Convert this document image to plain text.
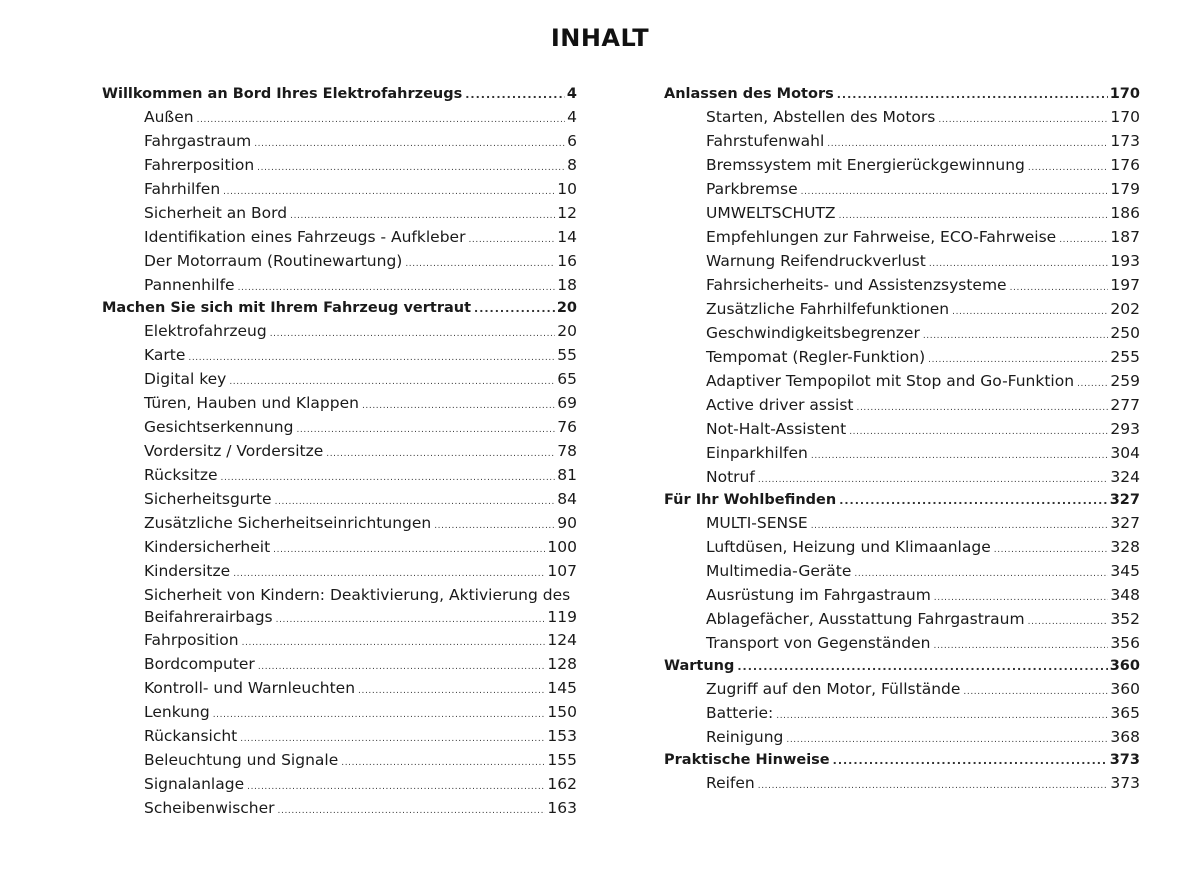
INHALT
Willkommen an Bord Ihres Elektrofahrzeugs .....	4
Außen .....	4
Fahrgastraum .....	6
Fahrerposition .....	8
Fahrhilfen .....	10
Sicherheit an Bord .....	12
Identifikation eines Fahrzeugs - Aufkleber .....	14
Der Motorraum (Routinewartung) .....	16
Pannenhilfe .....	18
Machen Sie sich mit Ihrem Fahrzeug vertraut .....	20
Elektrofahrzeug .....	20
Karte .....	55
Digital key .....	65
Türen, Hauben und Klappen .....	69
Gesichtserkennung .....	76
Vordersitz / Vordersitze .....	78
Rücksitze .....	81
Sicherheitsgurte .....	84
Zusätzliche Sicherheitseinrichtungen .....	90
Kindersicherheit .....	100
Kindersitze .....	107
Sicherheit von Kindern: Deaktivierung, Aktivierung des
Beifahrerairbags .....	119
Fahrposition .....	124
Bordcomputer .....	128
Kontroll- und Warnleuchten .....	145
Lenkung .....	150
Rückansicht .....	153
Beleuchtung und Signale .....	155
Signalanlage .....	162
Scheibenwischer .....	163
Anlassen des Motors .....	170
Starten, Abstellen des Motors .....	170
Fahrstufenwahl .....	173
Bremssystem mit Energierückgewinnung .....	176
Parkbremse .....	179
UMWELTSCHUTZ .....	186
Empfehlungen zur Fahrweise, ECO-Fahrweise .....	187
Warnung Reifendruckverlust .....	193
Fahrsicherheits- und Assistenzsysteme .....	197
Zusätzliche Fahrhilfefunktionen .....	202
Geschwindigkeitsbegrenzer .....	250
Tempomat (Regler-Funktion) .....	255
Adaptiver Tempopilot mit Stop and Go-Funktion ..... 259
Active driver assist .....	277
Not-Halt-Assistent .....	293
Einparkhilfen .....	304
Notruf .....	324
Für Ihr Wohlbefinden .....	327
MULTI-SENSE .....	327
Luftdüsen, Heizung und Klimaanlage .....	328
Multimedia-Geräte .....	345
Ausrüstung im Fahrgastraum .....	348
Ablagefächer, Ausstattung Fahrgastraum .....	352
Transport von Gegenständen .....	356
Wartung .....	360
Zugriff auf den Motor, Füllstände .....	360
Batterie: .....	365
Reinigung .....	368
Praktische Hinweise .....	373
Reifen .....	373
